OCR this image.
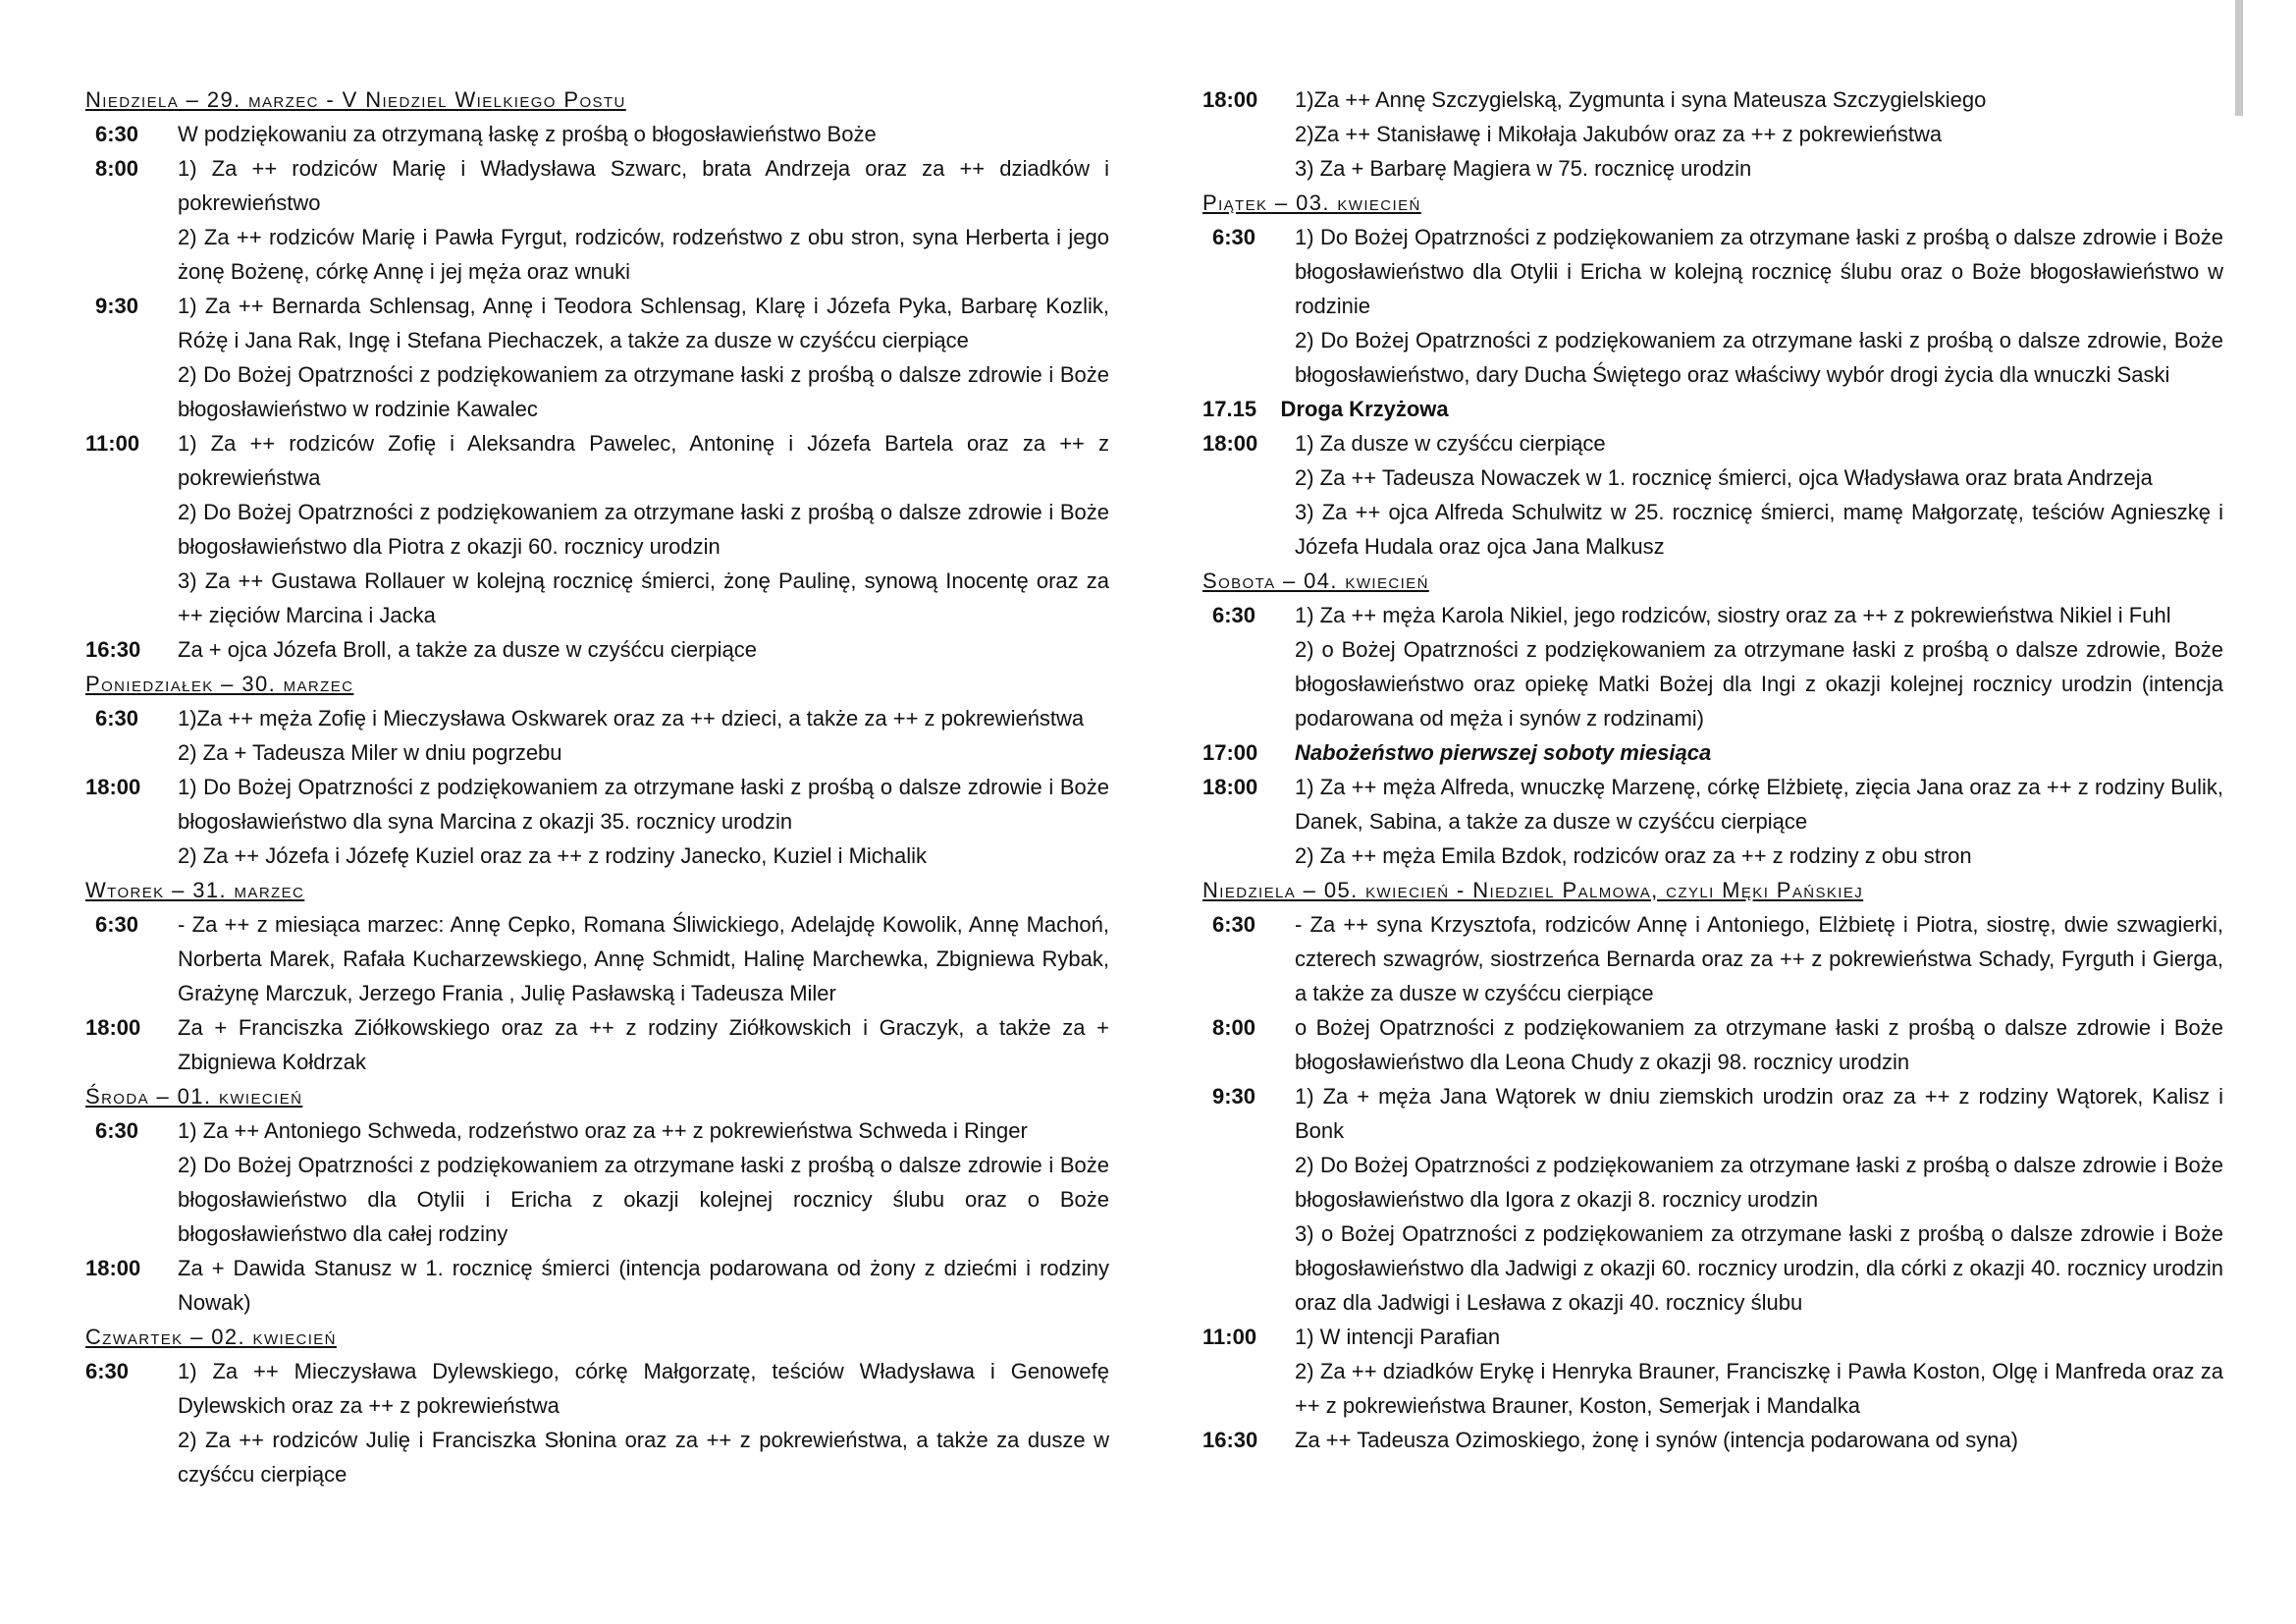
Niedziela – 29. marzec - V Niedziel Wielkiego Postu
6:30	W podziękowaniu za otrzymaną łaskę z prośbą o błogosławieństwo Boże
8:00	1) Za ++ rodziców Marię i Władysława Szwarc, brata Andrzeja oraz za ++ dziadków i pokrewieństwo
2) Za ++ rodziców Marię i Pawła Fyrgut, rodziców, rodzeństwo z obu stron, syna Herberta i jego żonę Bożenę, córkę Annę i jej męża oraz wnuki
9:30	1) Za ++ Bernarda Schlensag, Annę i Teodora Schlensag, Klarę i Józefa Pyka, Barbarę Kozlik, Różę i Jana Rak, Ingę i Stefana Piechaczek, a także za dusze w czyśćcu cierpiące
2) Do Bożej Opatrzności z podziękowaniem za otrzymane łaski z prośbą o dalsze zdrowie i Boże błogosławieństwo w rodzinie Kawalec
11:00	1) Za ++ rodziców Zofię i Aleksandra Pawelec, Antoninę i Józefa Bartela oraz za ++ z pokrewieństwa
2) Do Bożej Opatrzności z podziękowaniem za otrzymane łaski z prośbą o dalsze zdrowie i Boże błogosławieństwo dla Piotra z okazji 60. rocznicy urodzin
3) Za ++ Gustawa Rollauer w kolejną rocznicę śmierci, żonę Paulinę, synową Inocentę oraz za ++ zięciów Marcina i Jacka
16:30	Za + ojca Józefa Broll, a także za dusze w czyśćcu cierpiące
Poniedziałek – 30. marzec
6:30	1)Za ++ męża Zofię i Mieczysława Oskwarek oraz za ++ dzieci, a także za ++ z pokrewieństwa
2) Za + Tadeusza Miler w dniu pogrzebu
18:00	1) Do Bożej Opatrzności z podziękowaniem za otrzymane łaski z prośbą o dalsze zdrowie i Boże błogosławieństwo dla syna Marcina z okazji 35. rocznicy urodzin
2) Za ++ Józefa i Józefę Kuziel oraz za ++ z rodziny Janecko, Kuziel i Michalik
Wtorek – 31. marzec
6:30	- Za ++ z miesiąca marzec: Annę Cepko, Romana Śliwickiego, Adelajdę Kowolik, Annę Machoń, Norberta Marek, Rafała Kucharzewskiego, Annę Schmidt, Halinę Marchewka, Zbigniewa Rybak, Grażynę Marczuk, Jerzego Frania , Julię Pasławską i Tadeusza Miler
18:00	Za + Franciszka Ziółkowskiego oraz za ++ z rodziny Ziółkowskich i Graczyk, a także za + Zbigniewa Kołdrzak
Środa – 01. kwiecień
6:30	1) Za ++ Antoniego Schweda, rodzeństwo oraz za ++ z pokrewieństwa Schweda i Ringer
2) Do Bożej Opatrzności z podziękowaniem za otrzymane łaski z prośbą o dalsze zdrowie i Boże błogosławieństwo dla Otylii i Ericha z okazji kolejnej rocznicy ślubu oraz o Boże błogosławieństwo dla całej rodziny
18:00	Za + Dawida Stanusz w 1. rocznicę śmierci (intencja podarowana od żony z dziećmi i rodziny Nowak)
Czwartek – 02. kwiecień
6:30	1) Za ++ Mieczysława Dylewskiego, córkę Małgorzatę, teściów Władysława i Genowefę Dylewskich oraz za ++ z pokrewieństwa
2) Za ++ rodziców Julię i Franciszka Słonina oraz za ++ z pokrewieństwa, a także za dusze w czyśćcu cierpiące
18:00	1)Za ++ Annę Szczygielską, Zygmunta i syna Mateusza Szczygielskiego
2)Za ++ Stanisławę i Mikołaja Jakubów oraz za ++ z pokrewieństwa
3) Za + Barbarę Magiera w 75. rocznicę urodzin
Piątek – 03. kwiecień
6:30	1) Do Bożej Opatrzności z podziękowaniem za otrzymane łaski z prośbą o dalsze zdrowie i Boże błogosławieństwo dla Otylii i Ericha w kolejną rocznicę ślubu oraz o Boże błogosławieństwo w rodzinie
2) Do Bożej Opatrzności z podziękowaniem za otrzymane łaski z prośbą o dalsze zdrowie, Boże błogosławieństwo, dary Ducha Świętego oraz właściwy wybór drogi życia dla wnuczki Saski
17.15    Droga Krzyżowa
18:00	1) Za dusze w czyśćcu cierpiące
2) Za ++ Tadeusza Nowaczek w 1. rocznicę śmierci, ojca Władysława oraz brata Andrzeja
3) Za ++ ojca Alfreda Schulwitz w 25. rocznicę śmierci, mamę Małgorzatę, teściów Agnieszkę i Józefa Hudala oraz ojca Jana Malkusz
Sobota – 04. kwiecień
6:30	1) Za ++ męża Karola Nikiel, jego rodziców, siostry oraz za ++ z pokrewieństwa Nikiel i Fuhl
2) o Bożej Opatrzności z podziękowaniem za otrzymane łaski z prośbą o dalsze zdrowie, Boże błogosławieństwo oraz opiekę Matki Bożej dla Ingi z okazji kolejnej rocznicy urodzin (intencja podarowana od męża i synów z rodzinami)
17:00	Nabożeństwo pierwszej soboty miesiąca
18:00	1) Za ++ męża Alfreda, wnuczkę Marzenę, córkę Elżbietę, zięcia Jana oraz za ++ z rodziny Bulik, Danek, Sabina, a także za dusze w czyśćcu cierpiące
2) Za ++ męża Emila Bzdok, rodziców oraz za ++ z rodziny z obu stron
Niedziela – 05. kwiecień - Niedziel Palmowa, czyli Męki Pańskiej
6:30	- Za ++ syna Krzysztofa, rodziców Annę i Antoniego, Elżbietę i Piotra, siostrę, dwie szwagierki, czterech szwagrów, siostrzeńca Bernarda oraz za ++ z pokrewieństwa Schady, Fyrguth i Gierga, a także za dusze w czyśćcu cierpiące
8:00	o Bożej Opatrzności z podziękowaniem za otrzymane łaski z prośbą o dalsze zdrowie i Boże błogosławieństwo dla Leona Chudy z okazji 98. rocznicy urodzin
9:30	1) Za + męża Jana Wątorek w dniu ziemskich urodzin oraz za ++ z rodziny Wątorek, Kalisz i Bonk
2) Do Bożej Opatrzności z podziękowaniem za otrzymane łaski z prośbą o dalsze zdrowie i Boże błogosławieństwo dla Igora z okazji 8. rocznicy urodzin
3) o Bożej Opatrzności z podziękowaniem za otrzymane łaski z prośbą o dalsze zdrowie i Boże błogosławieństwo dla Jadwigi z okazji 60. rocznicy urodzin, dla córki z okazji 40. rocznicy urodzin oraz dla Jadwigi i Lesława z okazji 40. rocznicy ślubu
11:00	1) W intencji Parafian
2) Za ++ dziadków Erykę i Henryka Brauner, Franciszkę i Pawła Koston, Olgę i Manfreda oraz za ++ z pokrewieństwa Brauner, Koston, Semerjak i Mandalka
16:30	Za ++ Tadeusza Ozimoskiego, żonę i synów (intencja podarowana od syna)
